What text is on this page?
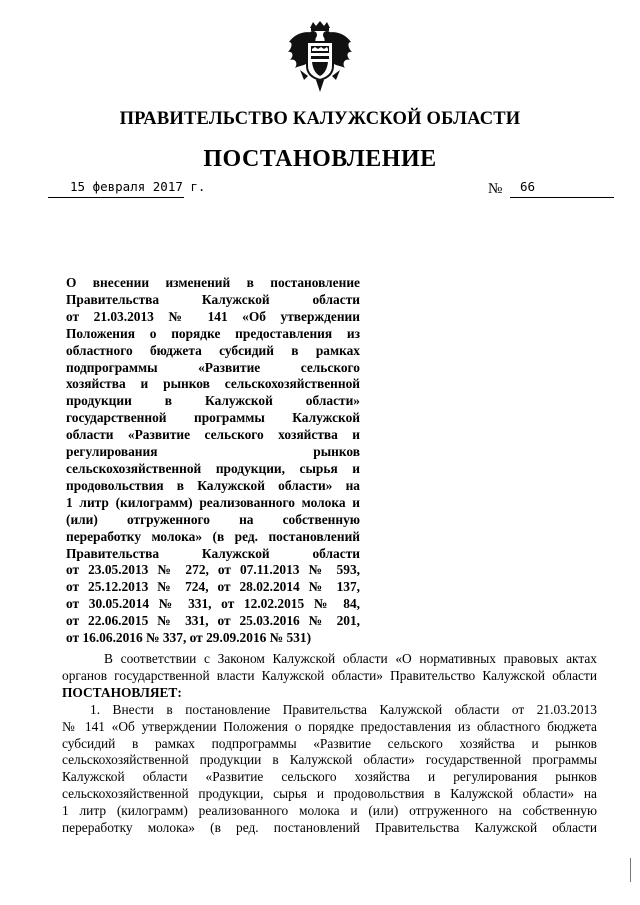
ПРАВИТЕЛЬСТВО КАЛУЖСКОЙ ОБЛАСТИ
ПОСТАНОВЛЕНИЕ
15 февраля 2017 г.	№ 66
О внесении изменений в постановление
Правительства Калужской области
от 21.03.2013 № 141 «Об утверждении
Положения о порядке предоставления из
областного бюджета субсидий в рамках
подпрограммы «Развитие сельского
хозяйства и рынков сельскохозяйственной
продукции в Калужской области»
государственной программы Калужской
области «Развитие сельского хозяйства и
регулирования рынков
сельскохозяйственной продукции, сырья и
продовольствия в Калужской области» на
1 литр (килограмм) реализованного молока и
(или) отгруженного на собственную
переработку молока» (в ред. постановлений
Правительства Калужской области
от 23.05.2013 № 272, от 07.11.2013 № 593,
от 25.12.2013 № 724, от 28.02.2014 № 137,
от 30.05.2014 № 331, от 12.02.2015 № 84,
от 22.06.2015 № 331, от 25.03.2016 № 201,
от 16.06.2016 № 337, от 29.09.2016 № 531)
В соответствии с Законом Калужской области «О нормативных правовых актах
органов государственной власти Калужской области» Правительство Калужской области
ПОСТАНОВЛЯЕТ:
1. Внести в постановление Правительства Калужской области от 21.03.2013
№ 141 «Об утверждении Положения о порядке предоставления из областного бюджета
субсидий в рамках подпрограммы «Развитие сельского хозяйства и рынков
сельскохозяйственной продукции в Калужской области» государственной программы
Калужской области «Развитие сельского хозяйства и регулирования рынков
сельскохозяйственной продукции, сырья и продовольствия в Калужской области» на
1 литр (килограмм) реализованного молока и (или) отгруженного на собственную
переработку молока» (в ред. постановлений Правительства Калужской области
